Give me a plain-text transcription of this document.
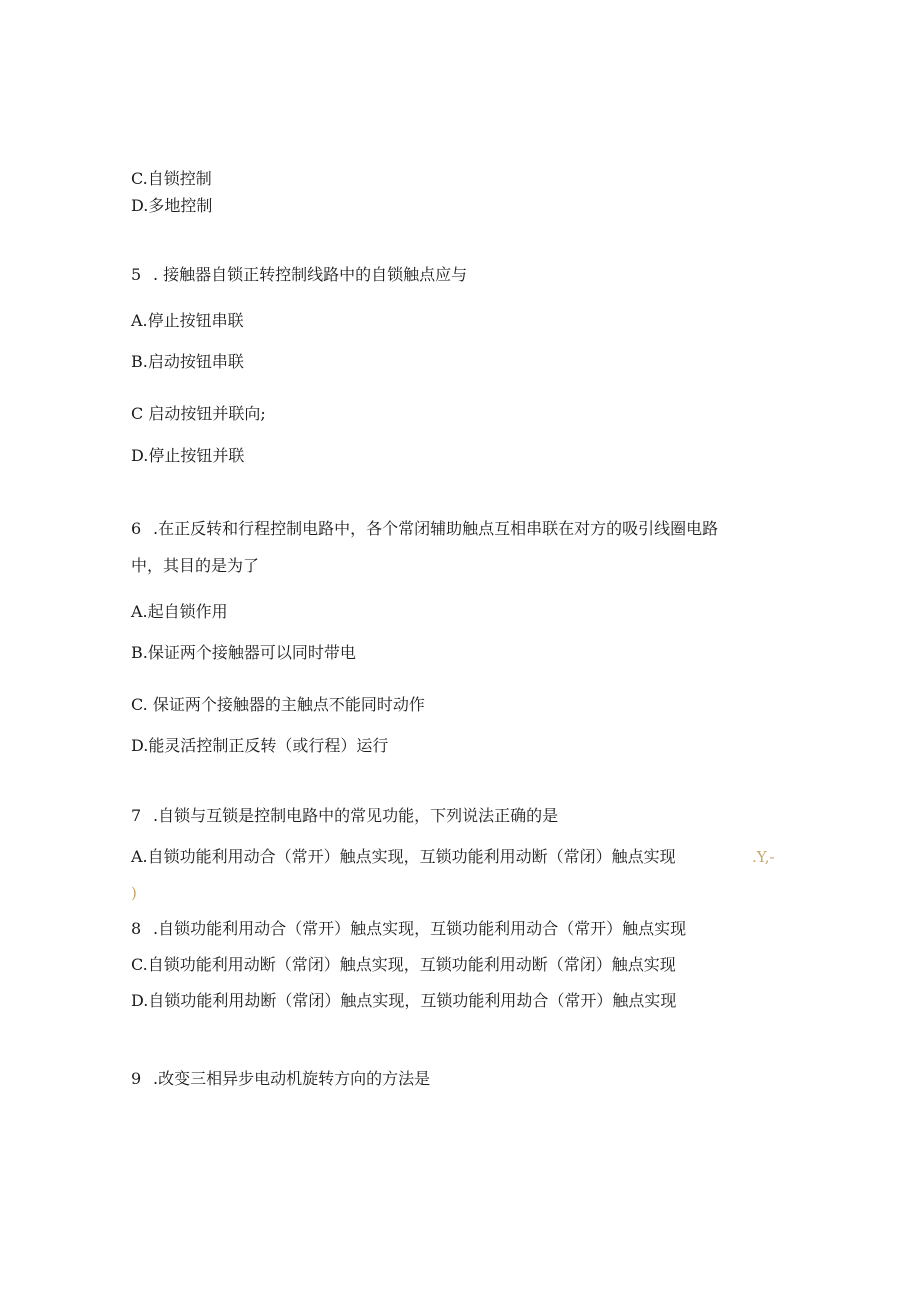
C.自锁控制
D.多地控制
5 . 接触器自锁正转控制线路中的自锁触点应与
A.停止按钮串联
B.启动按钮串联
C 启动按钮并联向;
D.停止按钮并联
6 .在正反转和行程控制电路中，各个常闭辅助触点互相串联在对方的吸引线圈电路
中，其目的是为了
A.起自锁作用
B.保证两个接触器可以同时带电
C. 保证两个接触器的主触点不能同时动作
D.能灵活控制正反转（或行程）运行
7 .自锁与互锁是控制电路中的常见功能，下列说法正确的是
A.自锁功能利用动合（常开）触点实现，互锁功能利用动断（常闭）触点实现	.Y,-
)
8 .自锁功能利用动合（常开）触点实现，互锁功能利用动合（常开）触点实现
C.自锁功能利用动断（常闭）触点实现，互锁功能利用动断（常闭）触点实现
D.自锁功能利用劫断（常闭）触点实现，互锁功能利用劫合（常开）触点实现
9 .改变三相异步电动机旋转方向的方法是
